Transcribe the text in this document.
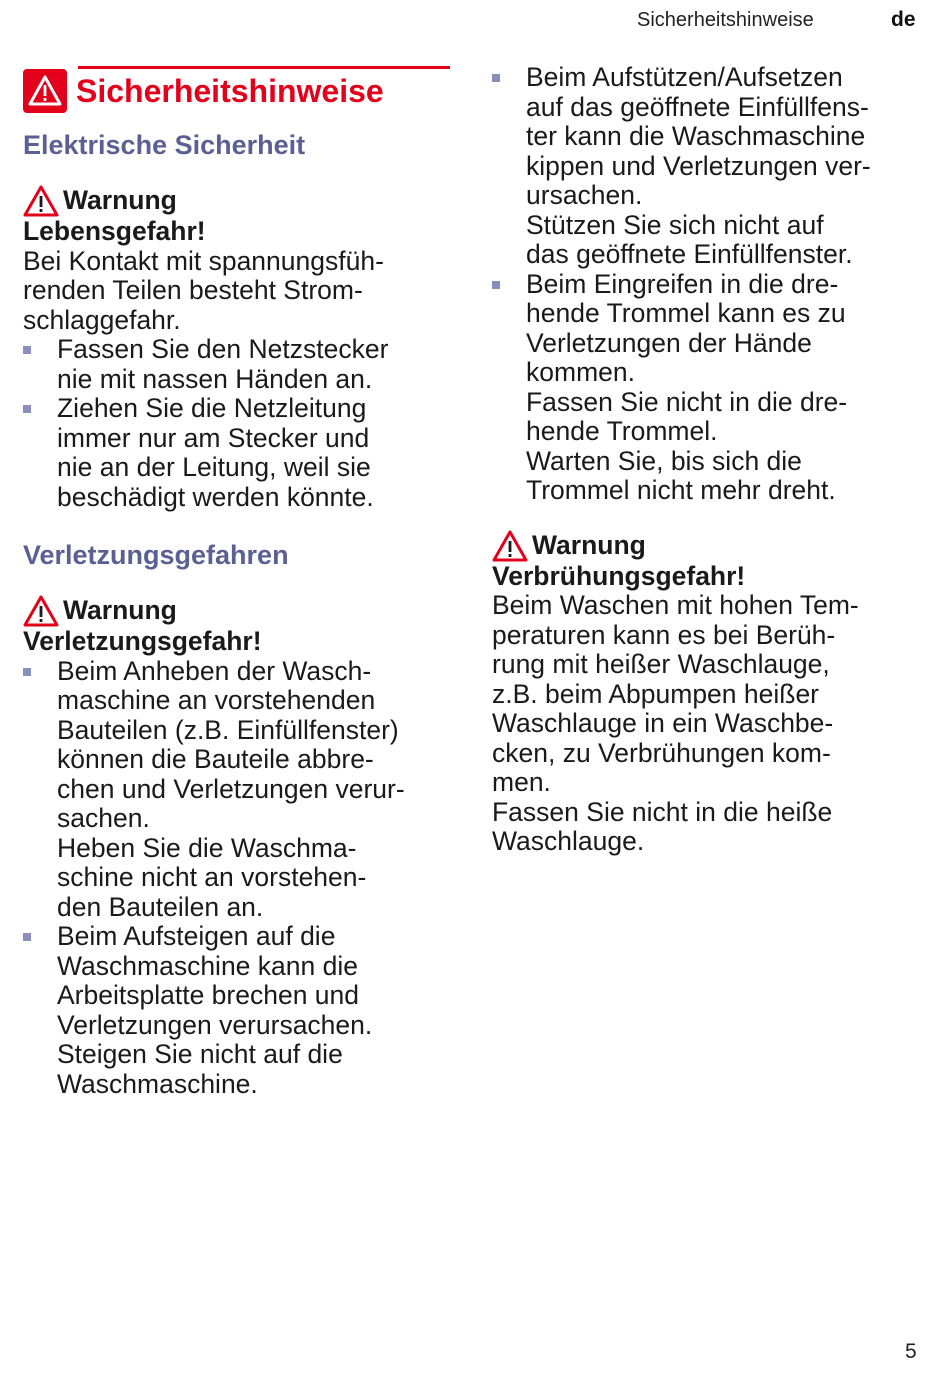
Sicherheitshinweise	de
Sicherheitshinweise
Elektrische Sicherheit
Warnung
Lebensgefahr!

Bei Kontakt mit spannungsfüh-
renden Teilen besteht Strom-
schlaggefahr.

Fassen Sie den Netzstecker
nie mit nassen Händen an.
Ziehen Sie die Netzleitung
immer nur am Stecker und
nie an der Leitung, weil sie
beschädigt werden könnte.
Verletzungsgefahren
Warnung
Verletzungsgefahr!
Beim Anheben der Wasch-
maschine an vorstehenden
Bauteilen (z.B. Einfüllfenster)
können die Bauteile abbre-
chen und Verletzungen verur-
sachen.
Heben Sie die Waschma-
schine nicht an vorstehen-
den Bauteilen an.
Beim Aufsteigen auf die
Waschmaschine kann die
Arbeitsplatte brechen und
Verletzungen verursachen.
Steigen Sie nicht auf die
Waschmaschine.
Beim Aufstützen/Aufsetzen
auf das geöffnete Einfüllfens-
ter kann die Waschmaschine
kippen und Verletzungen ver-
ursachen.
Stützen Sie sich nicht auf
das geöffnete Einfüllfenster.
Beim Eingreifen in die dre-
hende Trommel kann es zu
Verletzungen der Hände
kommen.
Fassen Sie nicht in die dre-
hende Trommel.
Warten Sie, bis sich die
Trommel nicht mehr dreht.
Warnung
Verbrühungsgefahr!

Beim Waschen mit hohen Tem-
peraturen kann es bei Berüh-
rung mit heißer Waschlauge,
z.B. beim Abpumpen heißer
Waschlauge in ein Waschbe-
cken, zu Verbrühungen kom-
men.
Fassen Sie nicht in die heiße
Waschlauge.

5
